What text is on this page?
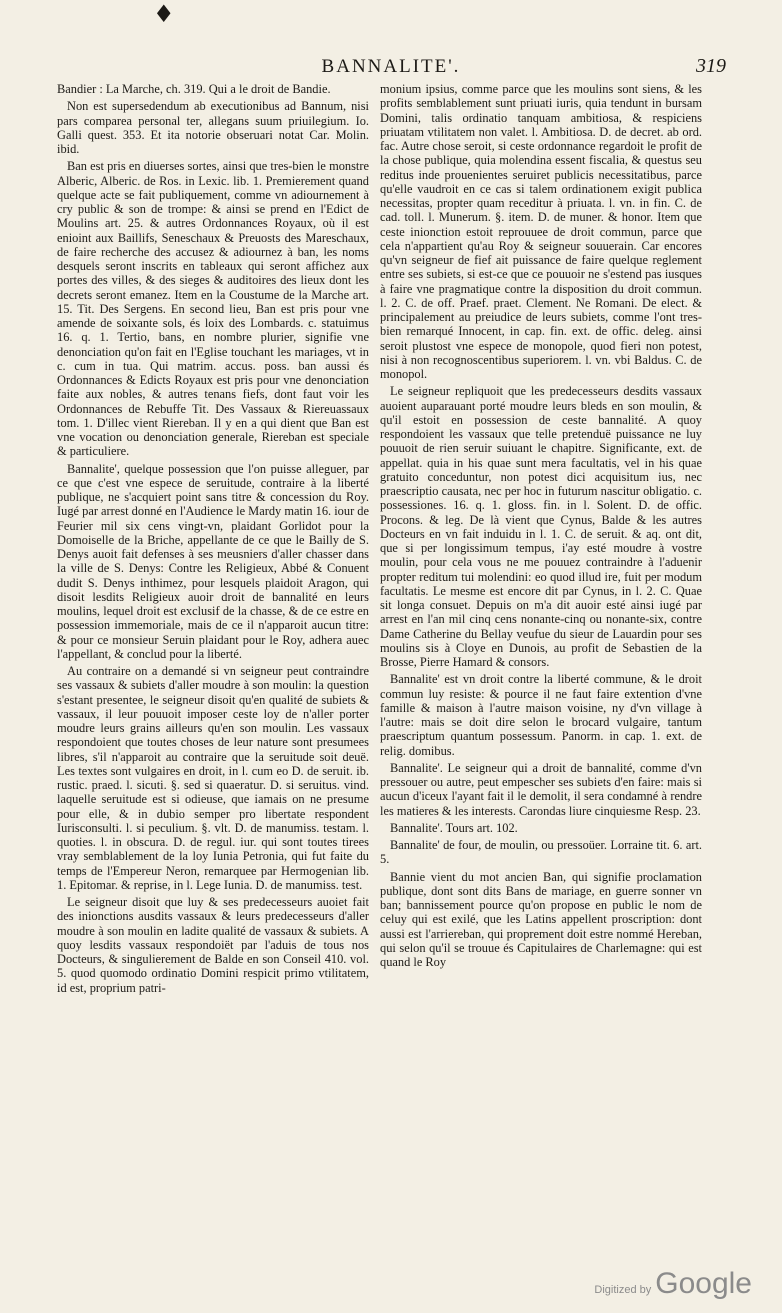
♦
BANNALITE'.	319

Bandier : La Marche, ch. 319. Qui a le droit de Bandie.

Non est supersedendum ab executionibus ad Bannum, nisi pars comparea personal ter, allegans suum priuilegium. Io. Galli quest. 353. Et ita notorie obseruari notat Car. Molin. ibid.

Ban est pris en diuerses sortes, ainsi que tres-bien le monstre Alberic, Alberic. de Ros. in Lexic. lib. 1. Premierement quand quelque acte se fait publiquement, comme vn adiournement à cry public & son de trompe: & ainsi se prend en l'Edict de Moulins art. 25. & autres Ordonnances Royaux, où il est enioint aux Baillifs, Seneschaux & Preuosts des Mareschaux, de faire recherche des accusez & adiournez à ban, les noms desquels seront inscrits en tableaux qui seront affichez aux portes des villes, & des sieges & auditoires des lieux dont les decrets seront emanez. Item en la Coustume de la Marche art. 15. Tit. Des Sergens. En second lieu, Ban est pris pour vne amende de soixante sols, és loix des Lombards. c. statuimus 16. q. 1. Tertio, bans, en nombre plurier, signifie vne denonciation qu'on fait en l'Eglise touchant les mariages, vt in c. cum in tua. Qui matrim. accus. poss. ban aussi és Ordonnances & Edicts Royaux est pris pour vne denonciation faite aux nobles, & autres tenans fiefs, dont faut voir les Ordonnances de Rebuffe Tit. Des Vassaux & Riereuassaux tom. 1. D'illec vient Riereban. Il y en a qui dient que Ban est vne vocation ou denonciation generale, Riereban est speciale & particuliere.

Bannalite', quelque possession que l'on puisse alleguer, par ce que c'est vne espece de seruitude, contraire à la liberté publique, ne s'acquiert point sans titre & concession du Roy. Iugé par arrest donné en l'Audience le Mardy matin 16. iour de Feurier mil six cens vingt-vn, plaidant Gorlidot pour la Domoiselle de la Briche, appellante de ce que le Bailly de S. Denys auoit fait defenses à ses meusniers d'aller chasser dans la ville de S. Denys: Contre les Religieux, Abbé & Conuent dudit S. Denys inthimez, pour lesquels plaidoit Aragon, qui disoit lesdits Religieux auoir droit de bannalité en leurs moulins, lequel droit est exclusif de la chasse, & de ce estre en possession immemoriale, mais de ce il n'apparoit aucun titre: & pour ce monsieur Seruin plaidant pour le Roy, adhera auec l'appellant, & conclud pour la liberté.

Au contraire on a demandé si vn seigneur peut contraindre ses vassaux & subiets d'aller moudre à son moulin: la question s'estant presentee, le seigneur disoit qu'en qualité de subiets & vassaux, il leur pouuoit imposer ceste loy de n'aller porter moudre leurs grains ailleurs qu'en son moulin. Les vassaux respondoient que toutes choses de leur nature sont presumees libres, s'il n'apparoit au contraire que la seruitude soit deuë. Les textes sont vulgaires en droit, in l. cum eo D. de seruit. ib. rustic. praed. l. sicuti. §. sed si quaeratur. D. si seruitus. vind. laquelle seruitude est si odieuse, que iamais on ne presume pour elle, & in dubio semper pro libertate respondent Iurisconsulti. l. si peculium. §. vlt. D. de manumiss. testam. l. quoties. l. in obscura. D. de regul. iur. qui sont toutes tirees vray semblablement de la loy Iunia Petronia, qui fut faite du temps de l'Empereur Neron, remarquee par Hermogenian lib. 1. Epitomar. & reprise, in l. Lege Iunia. D. de manumiss. test.

Le seigneur disoit que luy & ses predecesseurs auoiet fait des inionctions ausdits vassaux & leurs predecesseurs d'aller moudre à son moulin en ladite qualité de vassaux & subiets. A quoy lesdits vassaux respondoiët par l'aduis de tous nos Docteurs, & singulierement de Balde en son Conseil 410. vol. 5. quod quomodo ordinatio Domini respicit primo vtilitatem, id est, proprium patri-

monium ipsius, comme parce que les moulins sont siens, & les profits semblablement sunt priuati iuris, quia tendunt in bursam Domini, talis ordinatio tanquam ambitiosa, & respiciens priuatam vtilitatem non valet. l. Ambitiosa. D. de decret. ab ord. fac. Autre chose seroit, si ceste ordonnance regardoit le profit de la chose publique, quia molendina essent fiscalia, & questus seu reditus inde prouenientes seruiret publicis necessitatibus, parce qu'elle vaudroit en ce cas si talem ordinationem exigit publica necessitas, propter quam receditur à priuata. l. vn. in fin. C. de cad. toll. l. Munerum. §. item. D. de muner. & honor. Item que ceste inionction estoit reprouuee de droit commun, parce que cela n'appartient qu'au Roy & seigneur souuerain. Car encores qu'vn seigneur de fief ait puissance de faire quelque reglement entre ses subiets, si est-ce que ce pouuoir ne s'estend pas iusques à faire vne pragmatique contre la disposition du droit commun. l. 2. C. de off. Praef. praet. Clement. Ne Romani. De elect. & principalement au preiudice de leurs subiets, comme l'ont tres-bien remarqué Innocent, in cap. fin. ext. de offic. deleg. ainsi seroit plustost vne espece de monopole, quod fieri non potest, nisi à non recognoscentibus superiorem. l. vn. vbi Baldus. C. de monopol.

Le seigneur repliquoit que les predecesseurs desdits vassaux auoient auparauant porté moudre leurs bleds en son moulin, & qu'il estoit en possession de ceste bannalité. A quoy respondoient les vassaux que telle pretenduë puissance ne luy pouuoit de rien seruir suiuant le chapitre. Significante, ext. de appellat. quia in his quae sunt mera facultatis, vel in his quae gratuito conceduntur, non potest dici acquisitum ius, nec praescriptio causata, nec per hoc in futurum nascitur obligatio. c. possessiones. 16. q. 1. gloss. fin. in l. Solent. D. de offic. Procons. & leg. De là vient que Cynus, Balde & les autres Docteurs en vn fait induidu in l. 1. C. de seruit. & aq. ont dit, que si per longissimum tempus, i'ay esté moudre à vostre moulin, pour cela vous ne me pouuez contraindre à l'aduenir propter reditum tui molendini: eo quod illud ire, fuit per modum facultatis. Le mesme est encore dit par Cynus, in l. 2. C. Quae sit longa consuet. Depuis on m'a dit auoir esté ainsi iugé par arrest en l'an mil cinq cens nonante-cinq ou nonante-six, contre Dame Catherine du Bellay veufue du sieur de Lauardin pour ses moulins sis à Cloye en Dunois, au profit de Sebastien de la Brosse, Pierre Hamard & consors.

Bannalite' est vn droit contre la liberté commune, & le droit commun luy resiste: & pource il ne faut faire extention d'vne famille & maison à l'autre maison voisine, ny d'vn village à l'autre: mais se doit dire selon le brocard vulgaire, tantum praescriptum quantum possessum. Panorm. in cap. 1. ext. de relig. domibus.

Bannalite'. Le seigneur qui a droit de bannalité, comme d'vn pressouer ou autre, peut empescher ses subiets d'en faire: mais si aucun d'iceux l'ayant fait il le demolit, il sera condamné à rendre les matieres & les interests. Carondas liure cinquiesme Resp. 23.

Bannalite'. Tours art. 102.

Bannalite' de four, de moulin, ou pressoüer. Lorraine tit. 6. art. 5.

Bannie vient du mot ancien Ban, qui signifie proclamation publique, dont sont dits Bans de mariage, en guerre sonner vn ban; bannissement pource qu'on propose en public le nom de celuy qui est exilé, que les Latins appellent proscription: dont aussi est l'arriereban, qui proprement doit estre nommé Hereban, qui selon qu'il se trouue és Capitulaires de Charlemagne: qui est quand le Roy

Digitized by Google
